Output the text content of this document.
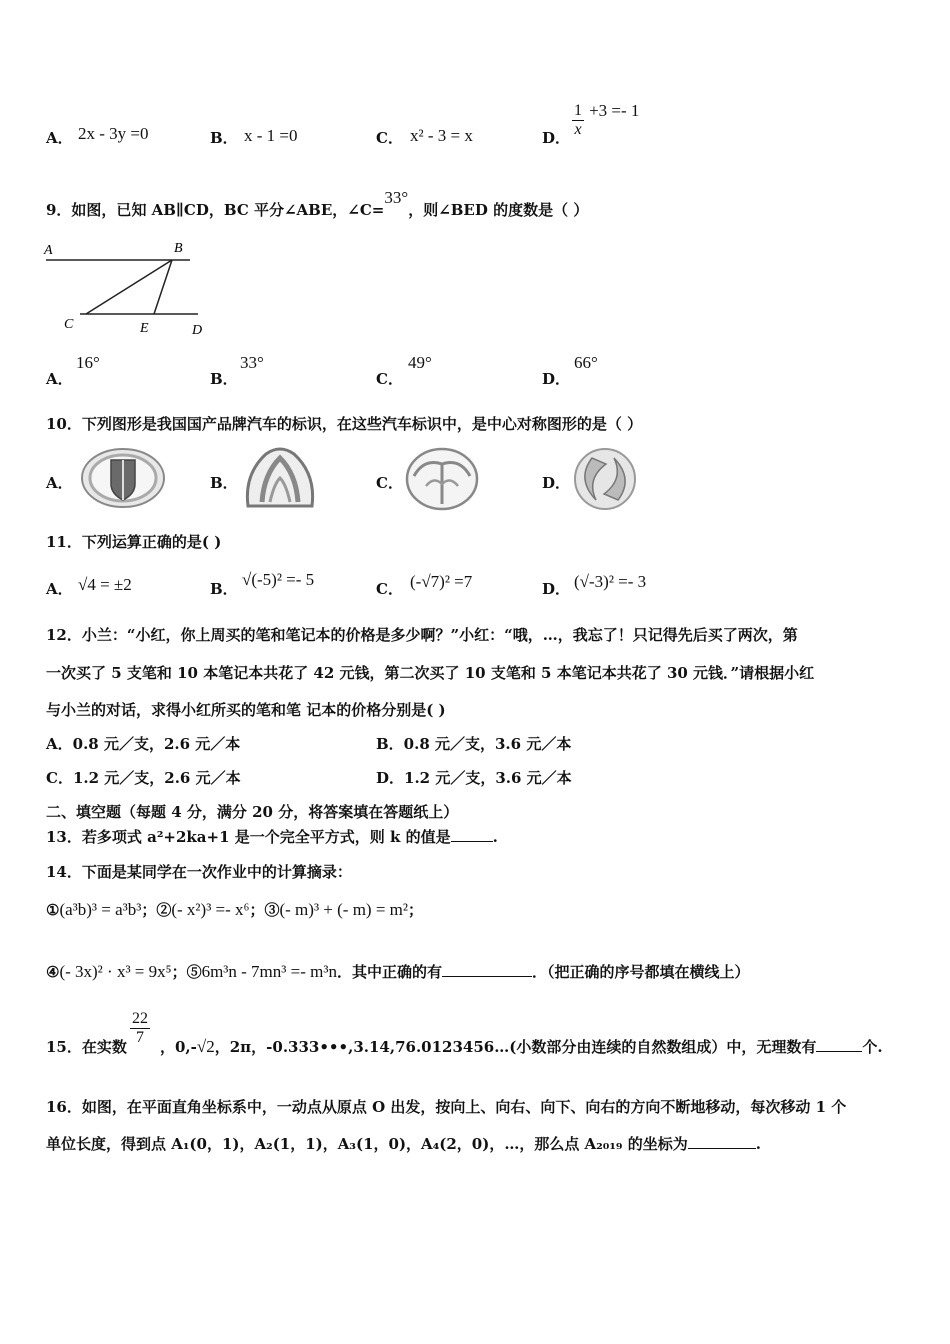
A． 2x - 3y =0	B． x - 1 =0	C． x² - 3 = x	D． $\frac{1}{x} +3 =- 1$
9．如图，已知 AB∥CD，BC 平分∠ABE，∠C=33°，则∠BED 的度数是（ ）
A	B
C	E	D
A．
16°
B．
33°
C．
49°
D．
66°
10．下列图形是我国国产品牌汽车的标识，在这些汽车标识中，是中心对称图形的是（ ）
A．	B．	C．	D．
11．下列运算正确的是( )
A． √4 = ±2	B． √(-5)² =- 5	C． (-√7)² =7	D． (√-3)² =- 3
12．小兰：“小红，你上周买的笔和笔记本的价格是多少啊？”小红：“哦，…，我忘了！只记得先后买了两次，第
一次买了 5 支笔和 10 本笔记本共花了 42 元钱，第二次买了 10 支笔和 5 本笔记本共花了 30 元钱．”请根据小红
与小兰的对话，求得小红所买的笔和笔 记本的价格分别是( )
A．0.8 元／支，2.6 元／本	B．0.8 元／支，3.6 元／本
C．1.2 元／支，2.6 元／本	D．1.2 元／支，3.6 元／本
二、填空题（每题 4 分，满分 20 分，将答案填在答题纸上）
13．若多项式 a²+2ka+1 是一个完全平方式，则 k 的值是	.
14．下面是某同学在一次作业中的计算摘录：
①(a³b)³ = a³b³；②(- x²)³ =- x⁶；③(- m)³ + (- m) = m²；
④(- 3x)² · x³ = 9x⁵；⑤6m³n - 7mn³ =- m³n．其中正确的有	．（把正确的序号都填在横线上）
15．在实数 $\frac{22}{7}$ ，0,-√2，2π，-0.333•••,3.14,76.0123456…(小数部分由连续的自然数组成）中，无理数有	个.
16．如图，在平面直角坐标系中，一动点从原点 O 出发，按向上、向右、向下、向右的方向不断地移动，每次移动 1 个
单位长度，得到点 A₁(0，1)，A₂(1，1)，A₃(1，0)，A₄(2，0)，…，那么点 A₂₀₁₉ 的坐标为	.
